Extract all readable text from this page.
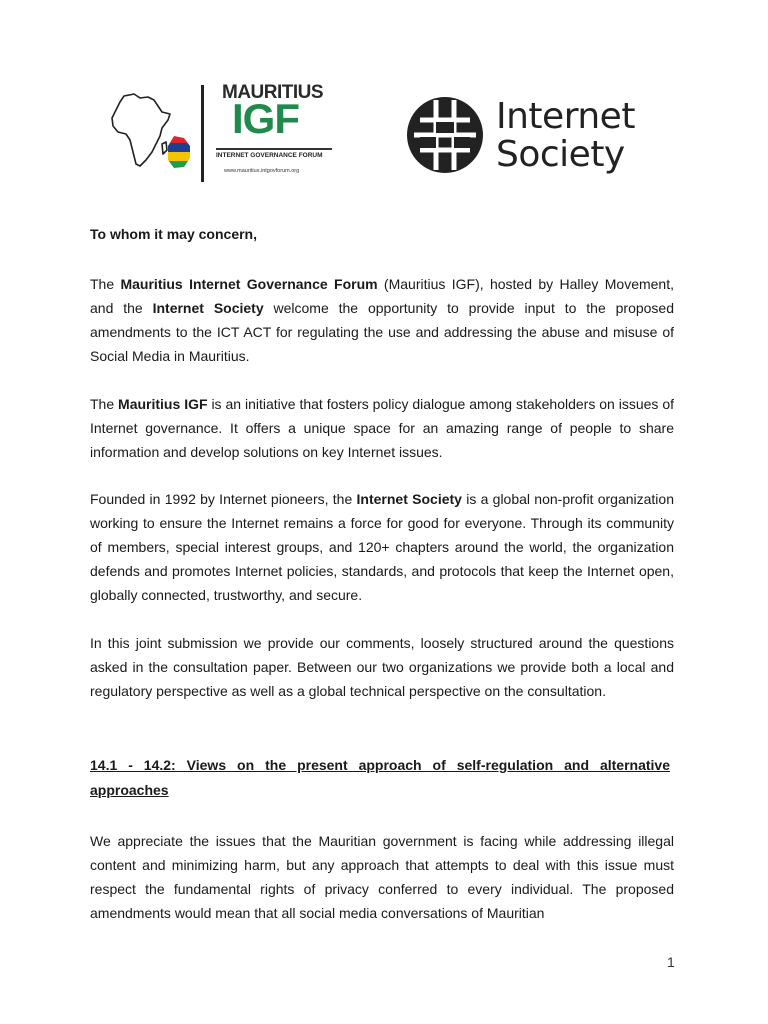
MAURITIUS
IGF
INTERNET GOVERNANCE FORUM
www.mauritius.intgovforum.org
Internet
Society

To whom it may concern,

The Mauritius Internet Governance Forum (Mauritius IGF), hosted by Halley Movement, and the Internet Society welcome the opportunity to provide input to the proposed amendments to the ICT ACT for regulating the use and addressing the abuse and misuse of Social Media in Mauritius.

The Mauritius IGF is an initiative that fosters policy dialogue among stakeholders on issues of Internet governance. It offers a unique space for an amazing range of people to share information and develop solutions on key Internet issues.

Founded in 1992 by Internet pioneers, the Internet Society is a global non-profit organization working to ensure the Internet remains a force for good for everyone. Through its community of members, special interest groups, and 120+ chapters around the world, the organization defends and promotes Internet policies, standards, and protocols that keep the Internet open, globally connected, trustworthy, and secure.

In this joint submission we provide our comments, loosely structured around the questions asked in the consultation paper. Between our two organizations we provide both a local and regulatory perspective as well as a global technical perspective on the consultation.

14.1 - 14.2: Views on the present approach of self-regulation and alternative approaches

We appreciate the issues that the Mauritian government is facing while addressing illegal content and minimizing harm, but any approach that attempts to deal with this issue must respect the fundamental rights of privacy conferred to every individual. The proposed amendments would mean that all social media conversations of Mauritian

1
